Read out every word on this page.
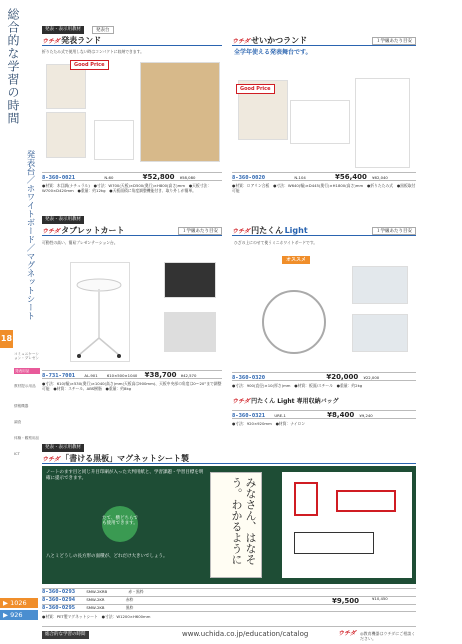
総合的な学習の時間
発表台／ホワイトボード／マグネットシート
18
コミュニケーション・プレゼン
発表用品
教材提示用品
情報機器
調査
体験・観察用品
ICT
▶ 1026
▶ 926
発表・表示用教材	発表台
ウチダ 発表ランド
折りたたみ式で使用しない時はコンパクトに収納できます。
Good Price
8-360-0021	N-60	¥52,800 ¥58,080
●材質：木目調(ナチュラル)　●寸法：W700(天板)×D500(奥行)×H800(高さ)mm　●天板寸法：W700×D420mm　●重量：約12kg　●天板面積に角度調整機能付き、取り外しが簡単。
ウチダ せいかつランド	１学級あたり目安
全学年使える発表舞台です。
Good Price
8-360-0020	N-104	¥56,400 ¥62,040
●材質：ロアリン合板　●寸法：W640(幅)×D445(奥行)×H1800(高さ)mm　●折りたたみ式　●黒板取付可能
発表・表示用教材
ウチダ タブレットカート	１学級あたり目安
可動性の高い、簡易プレゼンテーション台。
8-731-7001 AL-901 610×500×1040 ¥38,700 ¥42,570
●寸法：610(幅)×530(奥行)×1040(高さ)mm(天板高は900mm)、天板中央部の角度は0～20°まで調整可能　●材質：スチール、ABS樹脂　●重量：約8kg
ウチダ 円たくん Light	１学級あたり目安
ひざの上にのせて使うミニホワイトボードです。
オススメ
8-360-0320	¥20,000 ¥22,000
●寸法：900(直径)×10(厚さ)mm　●材質：板面/スチール　●重量：約2kg
ウチダ 円たくん Light 専用収納バッグ
8-360-0321 URE-1	¥8,400 ¥9,240
●寸法：920×920mm　●材質：ナイロン
発表・表示用教材
ウチダ 「書ける黒板」マグネットシート製
ノートのます目と同じ升目印刷が入った大判用紙と、学習課題・学習目標を明確に提示できます。
たて、横どちらでも使用できます。
八とミどうしの長方形の面積が、どれだけ大きいでしょう。	みなさん、はなそう。わかるように
8-360-0293	SMW-2KRB	赤・黒枠
8-360-0294	SMW-2KR	赤枠	¥9,500	¥10,450
8-360-0295	SMW-2KB	黒枠
●材質：PET製マグネットシート　●寸法：W1200×H600mm
総合的な学習の時間	www.uchida.co.jp/education/catalog	ウチダ ◎教育機器はウチダにご相談ください。
